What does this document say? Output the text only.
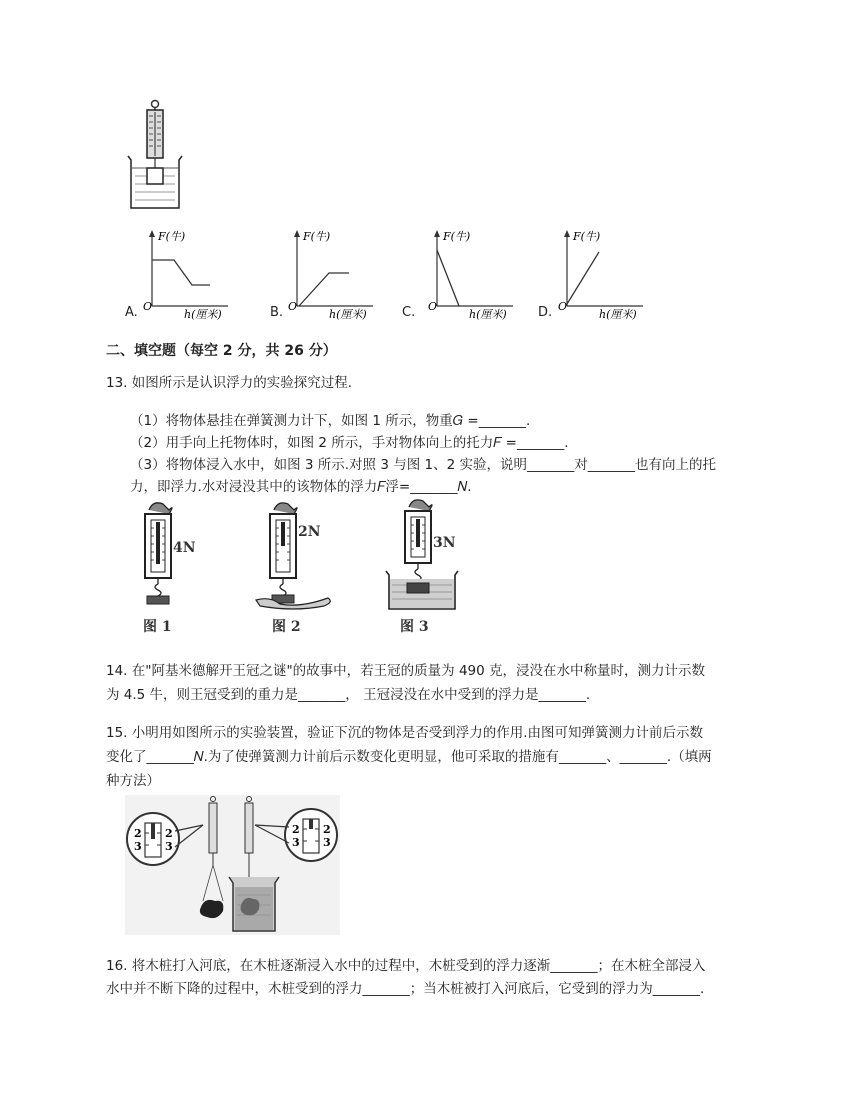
F(牛)
O
h(厘米)
A.
F(牛)
O
h(厘米)
B.
F(牛)
O
h(厘米)
C.
F(牛)
O
h(厘米)
D.
二、填空题（每空 2 分，共 26 分）
13. 如图所示是认识浮力的实验探究过程.
（1）将物体悬挂在弹簧测力计下，如图 1 所示，物重𝐺 =_______.
（2）用手向上托物体时，如图 2 所示，手对物体向上的托力𝐹 =_______.
（3）将物体浸入水中，如图 3 所示.对照 3 与图 1、2 实验，说明_______对_______也有向上的托
力，即浮力.水对浸没其中的该物体的浮力𝐹浮=_______𝑁.
4N
图 1
2N
图 2
3N
图 3
14. 在"阿基米德解开王冠之谜"的故事中，若王冠的质量为 490 克，浸没在水中称量时，测力计示数
为 4.5 牛，则王冠受到的重力是_______， 王冠浸没在水中受到的浮力是_______.
15. 小明用如图所示的实验装置，验证下沉的物体是否受到浮力的作用.由图可知弹簧测力计前后示数
变化了_______𝑁.为了使弹簧测力计前后示数变化更明显，他可采取的措施有_______、_______.（填两
种方法）
2
3
2
3
2
3
2
3
16. 将木桩打入河底，在木桩逐渐浸入水中的过程中，木桩受到的浮力逐渐_______；在木桩全部浸入
水中并不断下降的过程中，木桩受到的浮力_______；当木桩被打入河底后，它受到的浮力为_______.
